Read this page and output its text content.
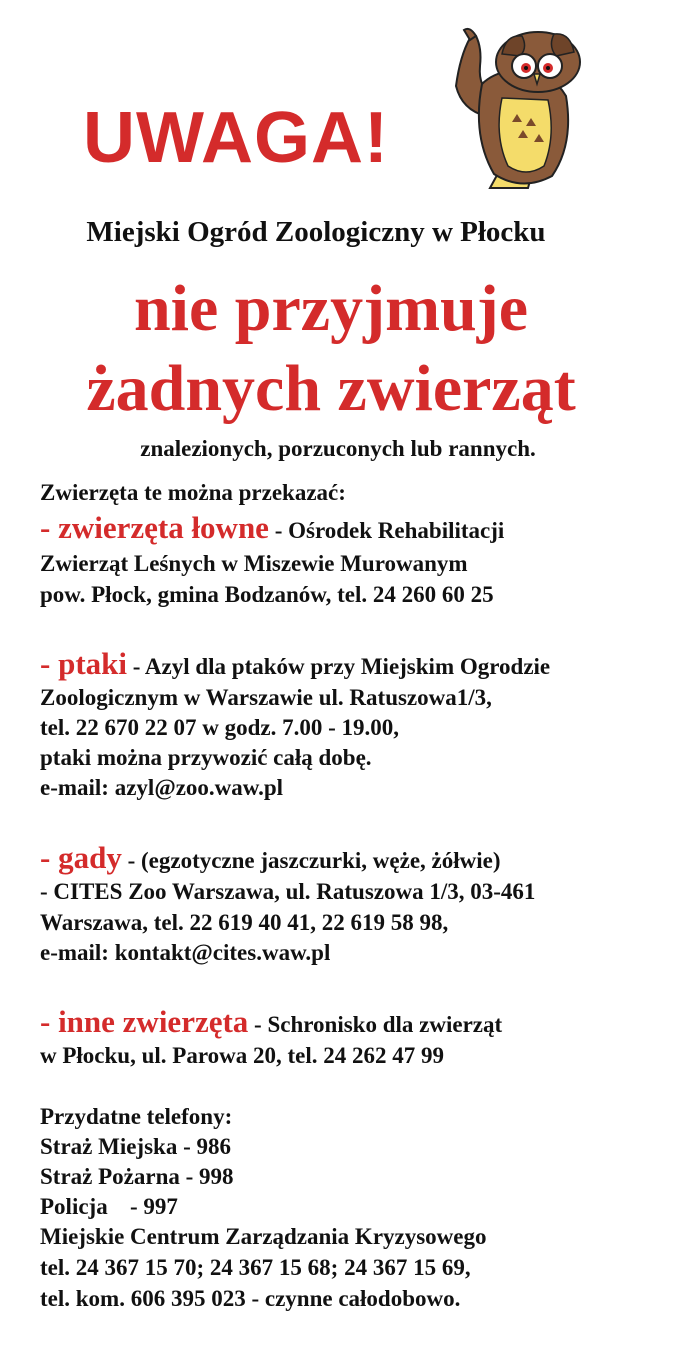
UWAGA!
Miejski Ogród Zoologiczny w Płocku
nie przyjmuje
żadnych zwierząt
znalezionych, porzuconych lub rannych.
Zwierzęta te można przekazać:
- zwierzęta łowne - Ośrodek Rehabilitacji
Zwierząt Leśnych w Miszewie Murowanym
pow. Płock, gmina Bodzanów, tel. 24 260 60 25
- ptaki - Azyl dla ptaków przy Miejskim Ogrodzie
Zoologicznym w Warszawie ul. Ratuszowa1/3,
tel. 22 670 22 07 w godz. 7.00 - 19.00,
ptaki można przywozić całą dobę.
e-mail: azyl@zoo.waw.pl
- gady - (egzotyczne jaszczurki, węże, żółwie)
- CITES Zoo Warszawa, ul. Ratuszowa 1/3, 03-461
Warszawa, tel. 22 619 40 41, 22 619 58 98,
e-mail: kontakt@cites.waw.pl
- inne zwierzęta - Schronisko dla zwierząt
w Płocku, ul. Parowa 20, tel. 24 262 47 99
Przydatne telefony:
Straż Miejska - 986
Straż Pożarna - 998
Policja - 997
Miejskie Centrum Zarządzania Kryzysowego
tel. 24 367 15 70; 24 367 15 68; 24 367 15 69,
tel. kom. 606 395 023 - czynne całodobowo.
